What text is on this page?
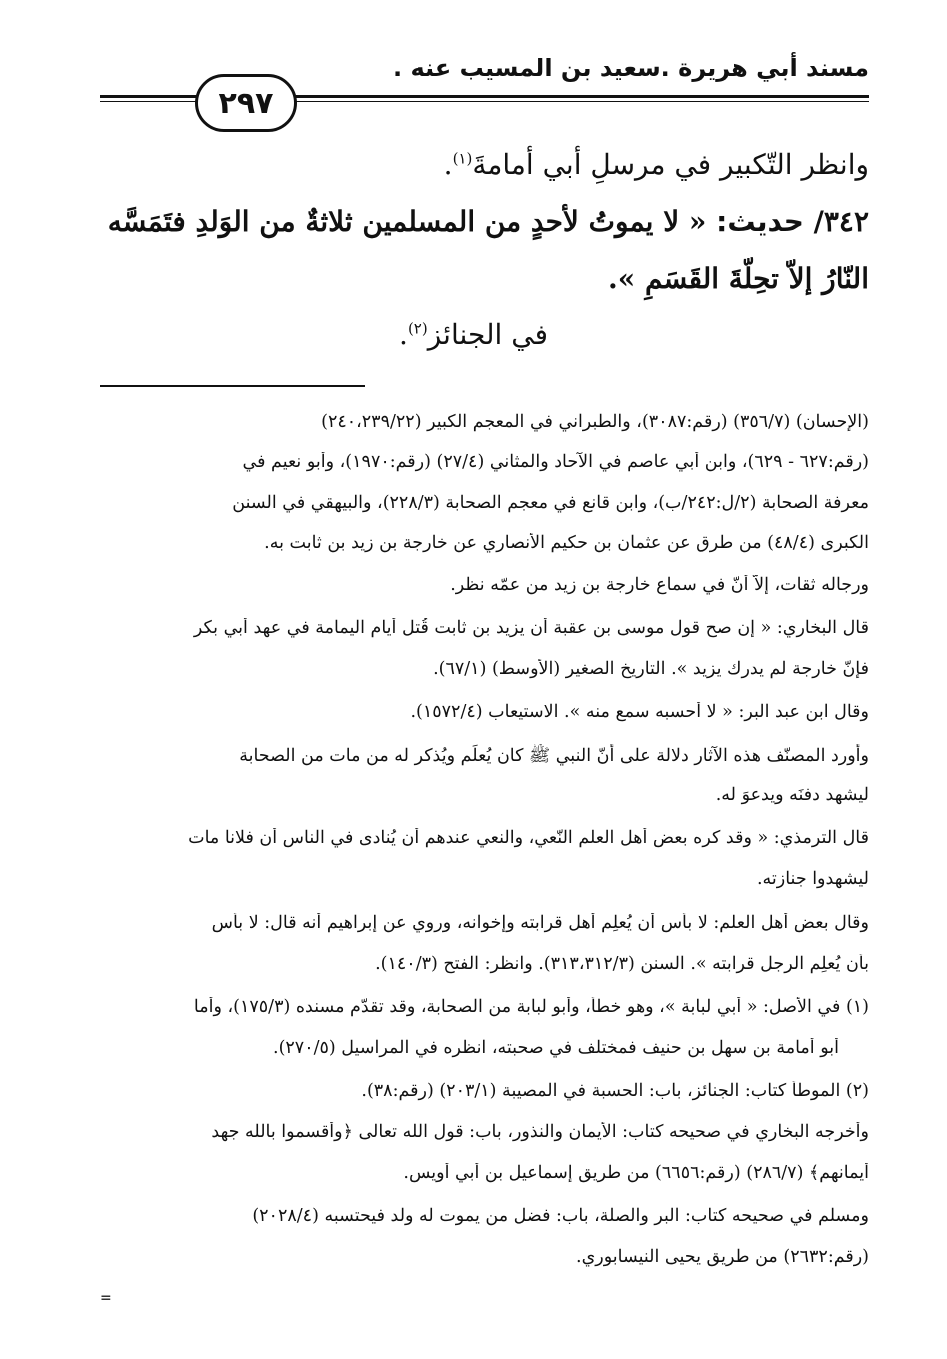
مسند أبي هريرة .سعيد بن المسيب عنه .
٢٩٧
وانظر التّكبير في مرسلِ أبي أمامةَ$^{(١)}$.
٣٤٢/ حديث: « لا يموتُ لأحدٍ من المسلمين ثلاثةٌ من الوَلدِ فتَمَسَّه
النّارُ إلاّ تحِلّةَ القَسَمِ ».
في الجنائز$^{(٢)}$.
(الإحسان) (٣٥٦/٧) (رقم:٣٠٨٧)، والطبراني في المعجم الكبير (٢٤٠،٢٣٩/٢٢)
(رقم:٦٢٧ - ٦٢٩)، وابن أبي عاصم في الآحاد والمثاني (٢٧/٤) (رقم:١٩٧٠)، وأبو نعيم في
معرفة الصحابة (٢/ل:٢٤٢/ب)، وابن قانع في معجم الصحابة (٢٢٨/٣)، والبيهقي في السنن
الكبرى (٤٨/٤) من طرق عن عثمان بن حكيم الأنصاري عن خارجة بن زيد بن ثابت به.
ورجاله ثقات، إلاّ أنّ في سماع خارجة بن زيد من عمّه نظر.
قال البخاري: « إن صح قول موسى بن عقبة أن يزيد بن ثابت قُتل أيام اليمامة في عهد أبي بكر
فإنّ خارجة لم يدرك يزيد ». التاريخ الصغير (الأوسط) (٦٧/١).
وقال ابن عبد البر: « لا أحسبه سمع منه ». الاستيعاب (١٥٧٢/٤).
وأورد المصنّف هذه الآثار دلالة على أنّ النبي ﷺ كان يُعلَم ويُذكر له من مات من الصحابة
ليشهد دفنَه ويدعوَ له.
قال الترمذي: « وقد كره بعض أهل العلم النّعي، والنعي عندهم أن يُنادى في الناس أن فلانا مات
ليشهدوا جنازته.
وقال بعض أهل العلم: لا بأس أن يُعلِم أهل قرابته وإخوانه، وروي عن إبراهيم أنه قال: لا بأس
بأن يُعلِم الرجل قرابته ». السنن (٣١٣،٣١٢/٣). وانظر: الفتح (١٤٠/٣).
(١) في الأصل: « أبي لبابة »، وهو خطأ، وأبو لبابة من الصحابة، وقد تقدّم مسنده (١٧٥/٣)، وأما
أبو أمامة بن سهل بن حنيف فمختلف في صحبته، انظره في المراسيل (٢٧٠/٥).
(٢) الموطأ كتاب: الجنائز، باب: الحسبة في المصيبة (٢٠٣/١) (رقم:٣٨).
وأخرجه البخاري في صحيحه كتاب: الأيمان والنذور، باب: قول الله تعالى ﴿وأقسموا بالله جهد
أيمانهم﴾ (٢٨٦/٧) (رقم:٦٦٥٦) من طريق إسماعيل بن أبي أويس.
ومسلم في صحيحه كتاب: البر والصلة، باب: فضل من يموت له ولد فيحتسبه (٢٠٢٨/٤)
(رقم:٢٦٣٢) من طريق يحيى النيسابوري.
=
